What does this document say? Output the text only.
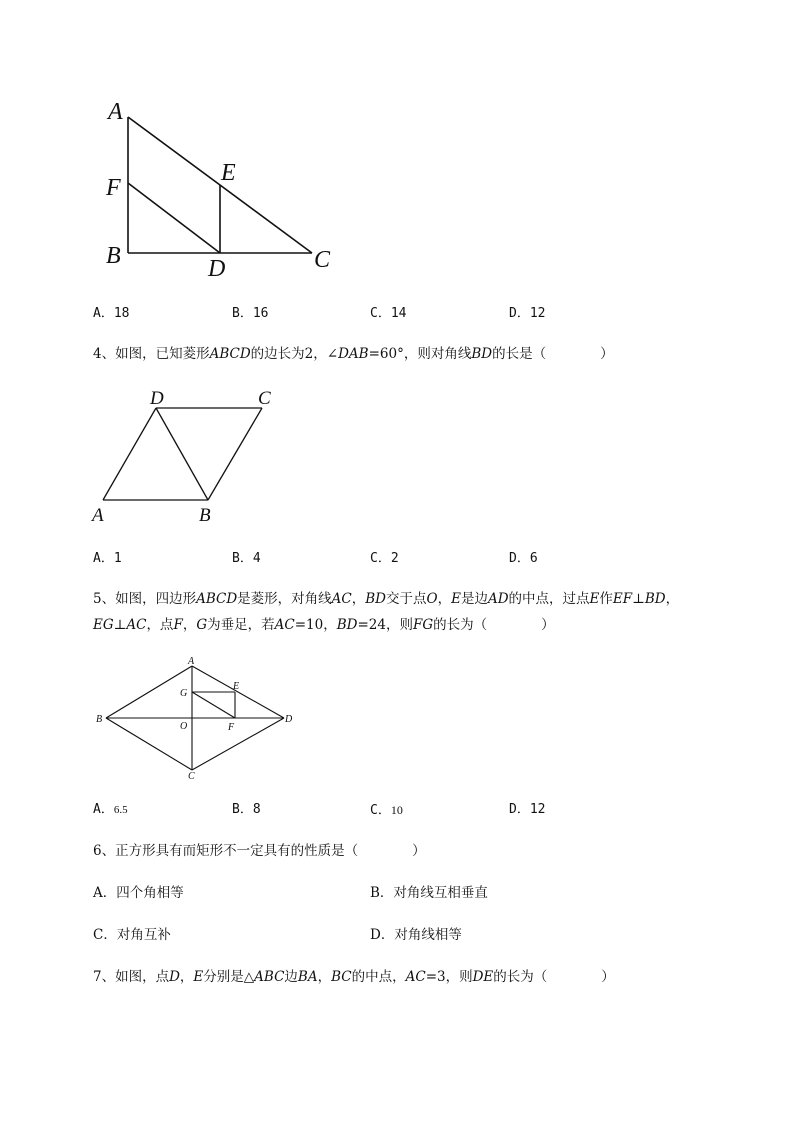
A
F
B
E
D	C
A．18	B．16	C．14	D．12
4、如图，已知菱形ABCD的边长为2，∠DAB=60°，则对角线BD的长是（　　　　）
D	C
A	B
A．1	B．4	C．2	D．6
5、如图，四边形ABCD是菱形，对角线AC，BD交于点O，E是边AD的中点，过点E作EF⊥BD，
EG⊥AC，点F，G为垂足，若AC=10，BD=24，则FG的长为（　　　　）
A
G
E
B
O	F
D
C
A．6.5	B．8	C．10	D．12
6、正方形具有而矩形不一定具有的性质是（　　　　）
A．四个角相等	B．对角线互相垂直
C．对角互补	D．对角线相等
7、如图，点D，E分别是△ABC边BA，BC的中点，AC=3，则DE的长为（　　　　）
